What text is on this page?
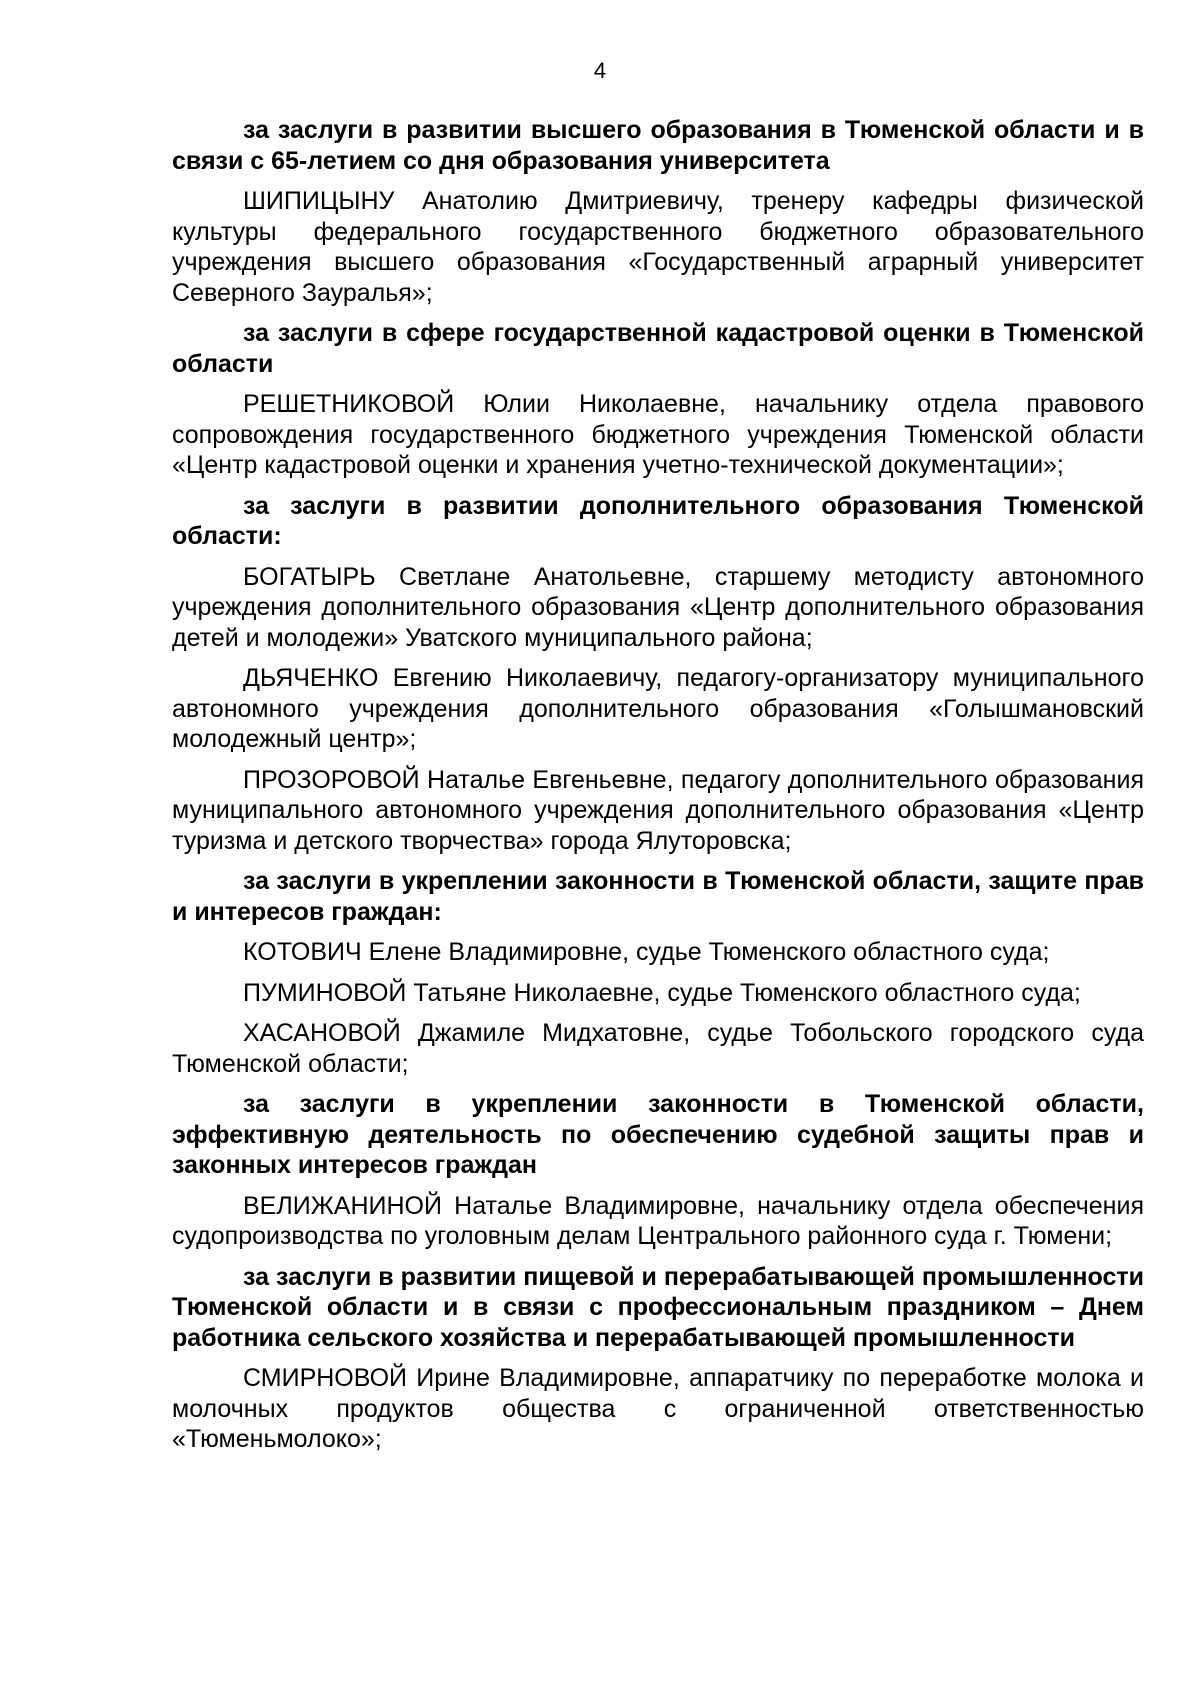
4

за заслуги в развитии высшего образования в Тюменской области и в связи с 65-летием со дня образования университета

ШИПИЦЫНУ Анатолию Дмитриевичу, тренеру кафедры физической культуры федерального государственного бюджетного образовательного учреждения высшего образования «Государственный аграрный университет Северного Зауралья»;

за заслуги в сфере государственной кадастровой оценки в Тюменской области

РЕШЕТНИКОВОЙ Юлии Николаевне, начальнику отдела правового сопровождения государственного бюджетного учреждения Тюменской области «Центр кадастровой оценки и хранения учетно-технической документации»;

за заслуги в развитии дополнительного образования Тюменской области:

БОГАТЫРЬ Светлане Анатольевне, старшему методисту автономного учреждения дополнительного образования «Центр дополнительного образования детей и молодежи» Уватского муниципального района;

ДЬЯЧЕНКО Евгению Николаевичу, педагогу-организатору муниципального автономного учреждения дополнительного образования «Голышмановский молодежный центр»;

ПРОЗОРОВОЙ Наталье Евгеньевне, педагогу дополнительного образования муниципального автономного учреждения дополнительного образования «Центр туризма и детского творчества» города Ялуторовска;

за заслуги в укреплении законности в Тюменской области, защите прав и интересов граждан:

КОТОВИЧ Елене Владимировне, судье Тюменского областного суда;

ПУМИНОВОЙ Татьяне Николаевне, судье Тюменского областного суда;

ХАСАНОВОЙ Джамиле Мидхатовне, судье Тобольского городского суда Тюменской области;

за заслуги в укреплении законности в Тюменской области, эффективную деятельность по обеспечению судебной защиты прав и законных интересов граждан

ВЕЛИЖАНИНОЙ Наталье Владимировне, начальнику отдела обеспечения судопроизводства по уголовным делам Центрального районного суда г. Тюмени;

за заслуги в развитии пищевой и перерабатывающей промышленности Тюменской области и в связи с профессиональным праздником – Днем работника сельского хозяйства и перерабатывающей промышленности

СМИРНОВОЙ Ирине Владимировне, аппаратчику по переработке молока и молочных продуктов общества с ограниченной ответственностью «Тюменьмолоко»;
